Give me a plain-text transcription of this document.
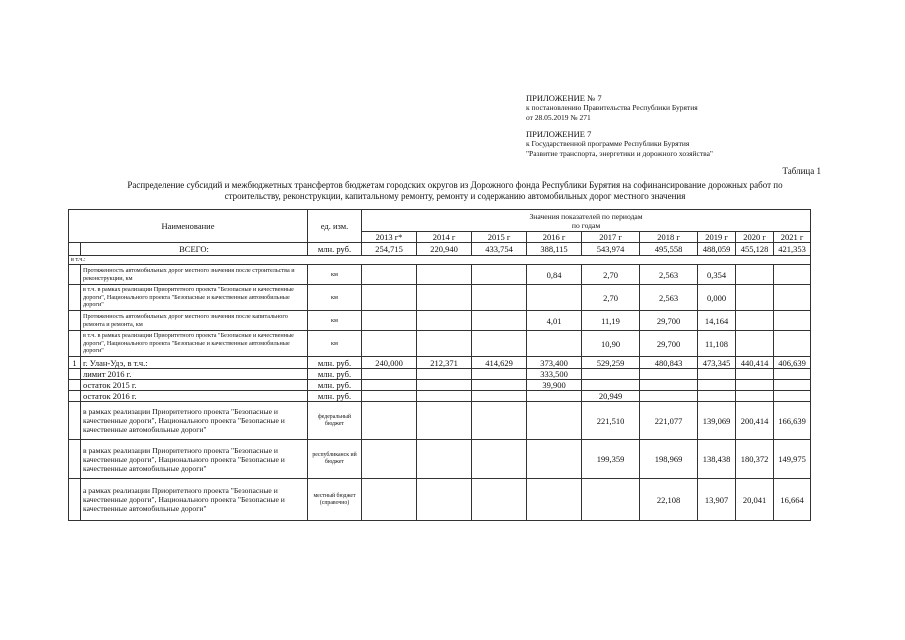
ПРИЛОЖЕНИЕ № 7
к постановлению Правительства Республики Бурятия
от 28.05.2019 № 271
ПРИЛОЖЕНИЕ 7
к Государственной программе Республики Бурятия
"Развитие транспорта, энергетики и дорожного хозяйства"
Таблица 1
Распределение субсидий и межбюджетных трансфертов бюджетам городских округов из Дорожного фонда Республики Бурятия на софинансирование дорожных работ по
строительству, реконструкции, капитальному ремонту, ремонту и содержанию автомобильных дорог местного значения
Наименование		ед. изм.	Значения показателей по периодам
по годам								

			2013 г*	2014 г	2015 г	2016 г	2017 г	2018 г	2019 г	2020 г	2021 г
	ВСЕГО:	млн. руб.	254,715	220,940	433,754	388,115	543,974	495,558	488,059	455,128	421,353
в т.ч.:											
	Протяженность автомобильных дорог местного значения после строительства и реконструкции, км	км				0,84	2,70	2,563	0,354		
	в т.ч. в рамках реализации Приоритетного проекта "Безопасные и качественные дороги", Национального проекта "Безопасные и качественные автомобильные дороги"	км					2,70	2,563	0,000		
	Протяженность автомобильных дорог местного значения после капитального ремонта и ремонта, км	км				4,01	11,19	29,700	14,164		
	в т.ч. в рамках реализации Приоритетного проекта "Безопасные и качественные дороги", Национального проекта "Безопасные и качественные автомобильные дороги"	км					10,90	29,700	11,108		
1	г. Улан-Удэ, в т.ч.:	млн. руб.	240,000	212,371	414,629	373,400	529,259	480,843	473,345	440,414	406,639
	лимит 2016 г.	млн. руб.				333,500					
	остаток 2015 г.	млн. руб.				39,900					
	остаток 2016 г.	млн. руб.					20,949				
	в рамках реализации Приоритетного проекта "Безопасные и качественные дороги", Национального проекта "Безопасные и качественные автомобильные дороги"	федеральный бюджет					221,510	221,077	139,069	200,414	166,639
	в рамках реализации Приоритетного проекта "Безопасные и качественные дороги", Национального проекта "Безопасные и качественные автомобильные дороги"	республиканск ий бюджет					199,359	198,969	138,438	180,372	149,975
	а рамках реализации Приоритетного проекта "Безопасные и качественные дороги", Национального проекта "Безопасные и качественные автомобильные дороги"	местный бюджет (справочно)						22,108	13,907	20,041	16,664
